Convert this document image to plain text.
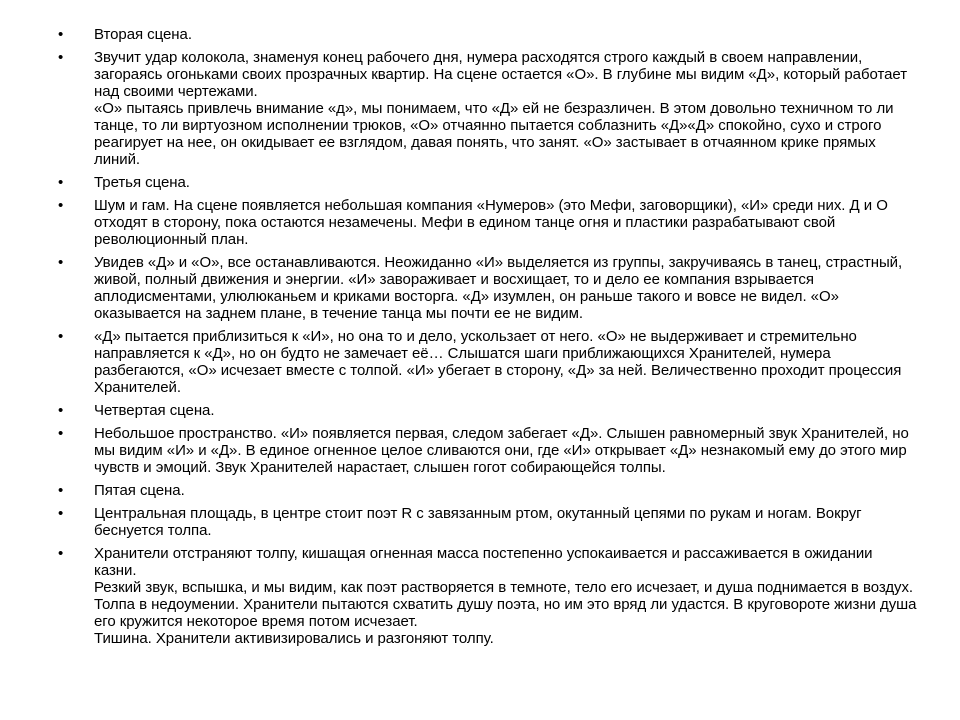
•	Вторая сцена.
•	Звучит удар колокола, знаменуя конец рабочего дня, нумера расходятся строго каждый в своем направлении, загораясь огоньками своих прозрачных квартир. На сцене остается «О». В глубине мы видим «Д», который работает над своими чертежами.
«О» пытаясь привлечь внимание «д», мы понимаем, что «Д» ей не безразличен. В этом довольно техничном то ли танце, то ли виртуозном исполнении трюков, «О» отчаянно пытается соблазнить «Д»«Д» спокойно, сухо и строго реагирует на нее, он окидывает ее взглядом, давая понять, что занят. «О» застывает в отчаянном крике прямых линий.
•	Третья сцена.
•	Шум и гам. На сцене появляется небольшая компания «Нумеров» (это Мефи, заговорщики), «И» среди них. Д и О отходят в сторону, пока остаются незамечены. Мефи в едином танце огня и пластики разрабатывают свой революционный план.
•	Увидев «Д» и «О», все останавливаются. Неожиданно «И» выделяется из группы, закручиваясь в танец, страстный, живой, полный движения и энергии. «И» завораживает и восхищает, то и дело ее компания взрывается аплодисментами, улюлюканьем и криками восторга. «Д» изумлен, он раньше такого и вовсе не видел. «О» оказывается на заднем плане, в течение танца мы почти ее не видим.
•	«Д» пытается приблизиться к «И», но она то и дело, ускользает от него. «О» не выдерживает и стремительно направляется к «Д», но он будто не замечает её… Слышатся шаги приближающихся Хранителей, нумера разбегаются, «О» исчезает вместе с толпой. «И» убегает в сторону, «Д» за ней. Величественно проходит процессия Хранителей.
•	Четвертая сцена.
•	Небольшое пространство. «И» появляется первая, следом забегает «Д». Слышен равномерный звук Хранителей, но мы видим «И» и «Д». В единое огненное целое сливаются они, где «И» открывает «Д» незнакомый ему до этого мир чувств и эмоций. Звук Хранителей нарастает, слышен гогот собирающейся толпы.
•	Пятая сцена.
•	Центральная площадь, в центре стоит поэт R с завязанным ртом, окутанный цепями по рукам и ногам. Вокруг беснуется толпа.
•	Хранители отстраняют толпу, кишащая огненная масса постепенно успокаивается и рассаживается в ожидании казни.
Резкий звук, вспышка, и мы видим, как поэт растворяется в темноте, тело его исчезает, и душа поднимается в воздух. Толпа в недоумении. Хранители пытаются схватить душу поэта, но им это вряд ли удастся. В круговороте жизни душа его кружится некоторое время потом исчезает.
Тишина. Хранители активизировались и разгоняют толпу.
